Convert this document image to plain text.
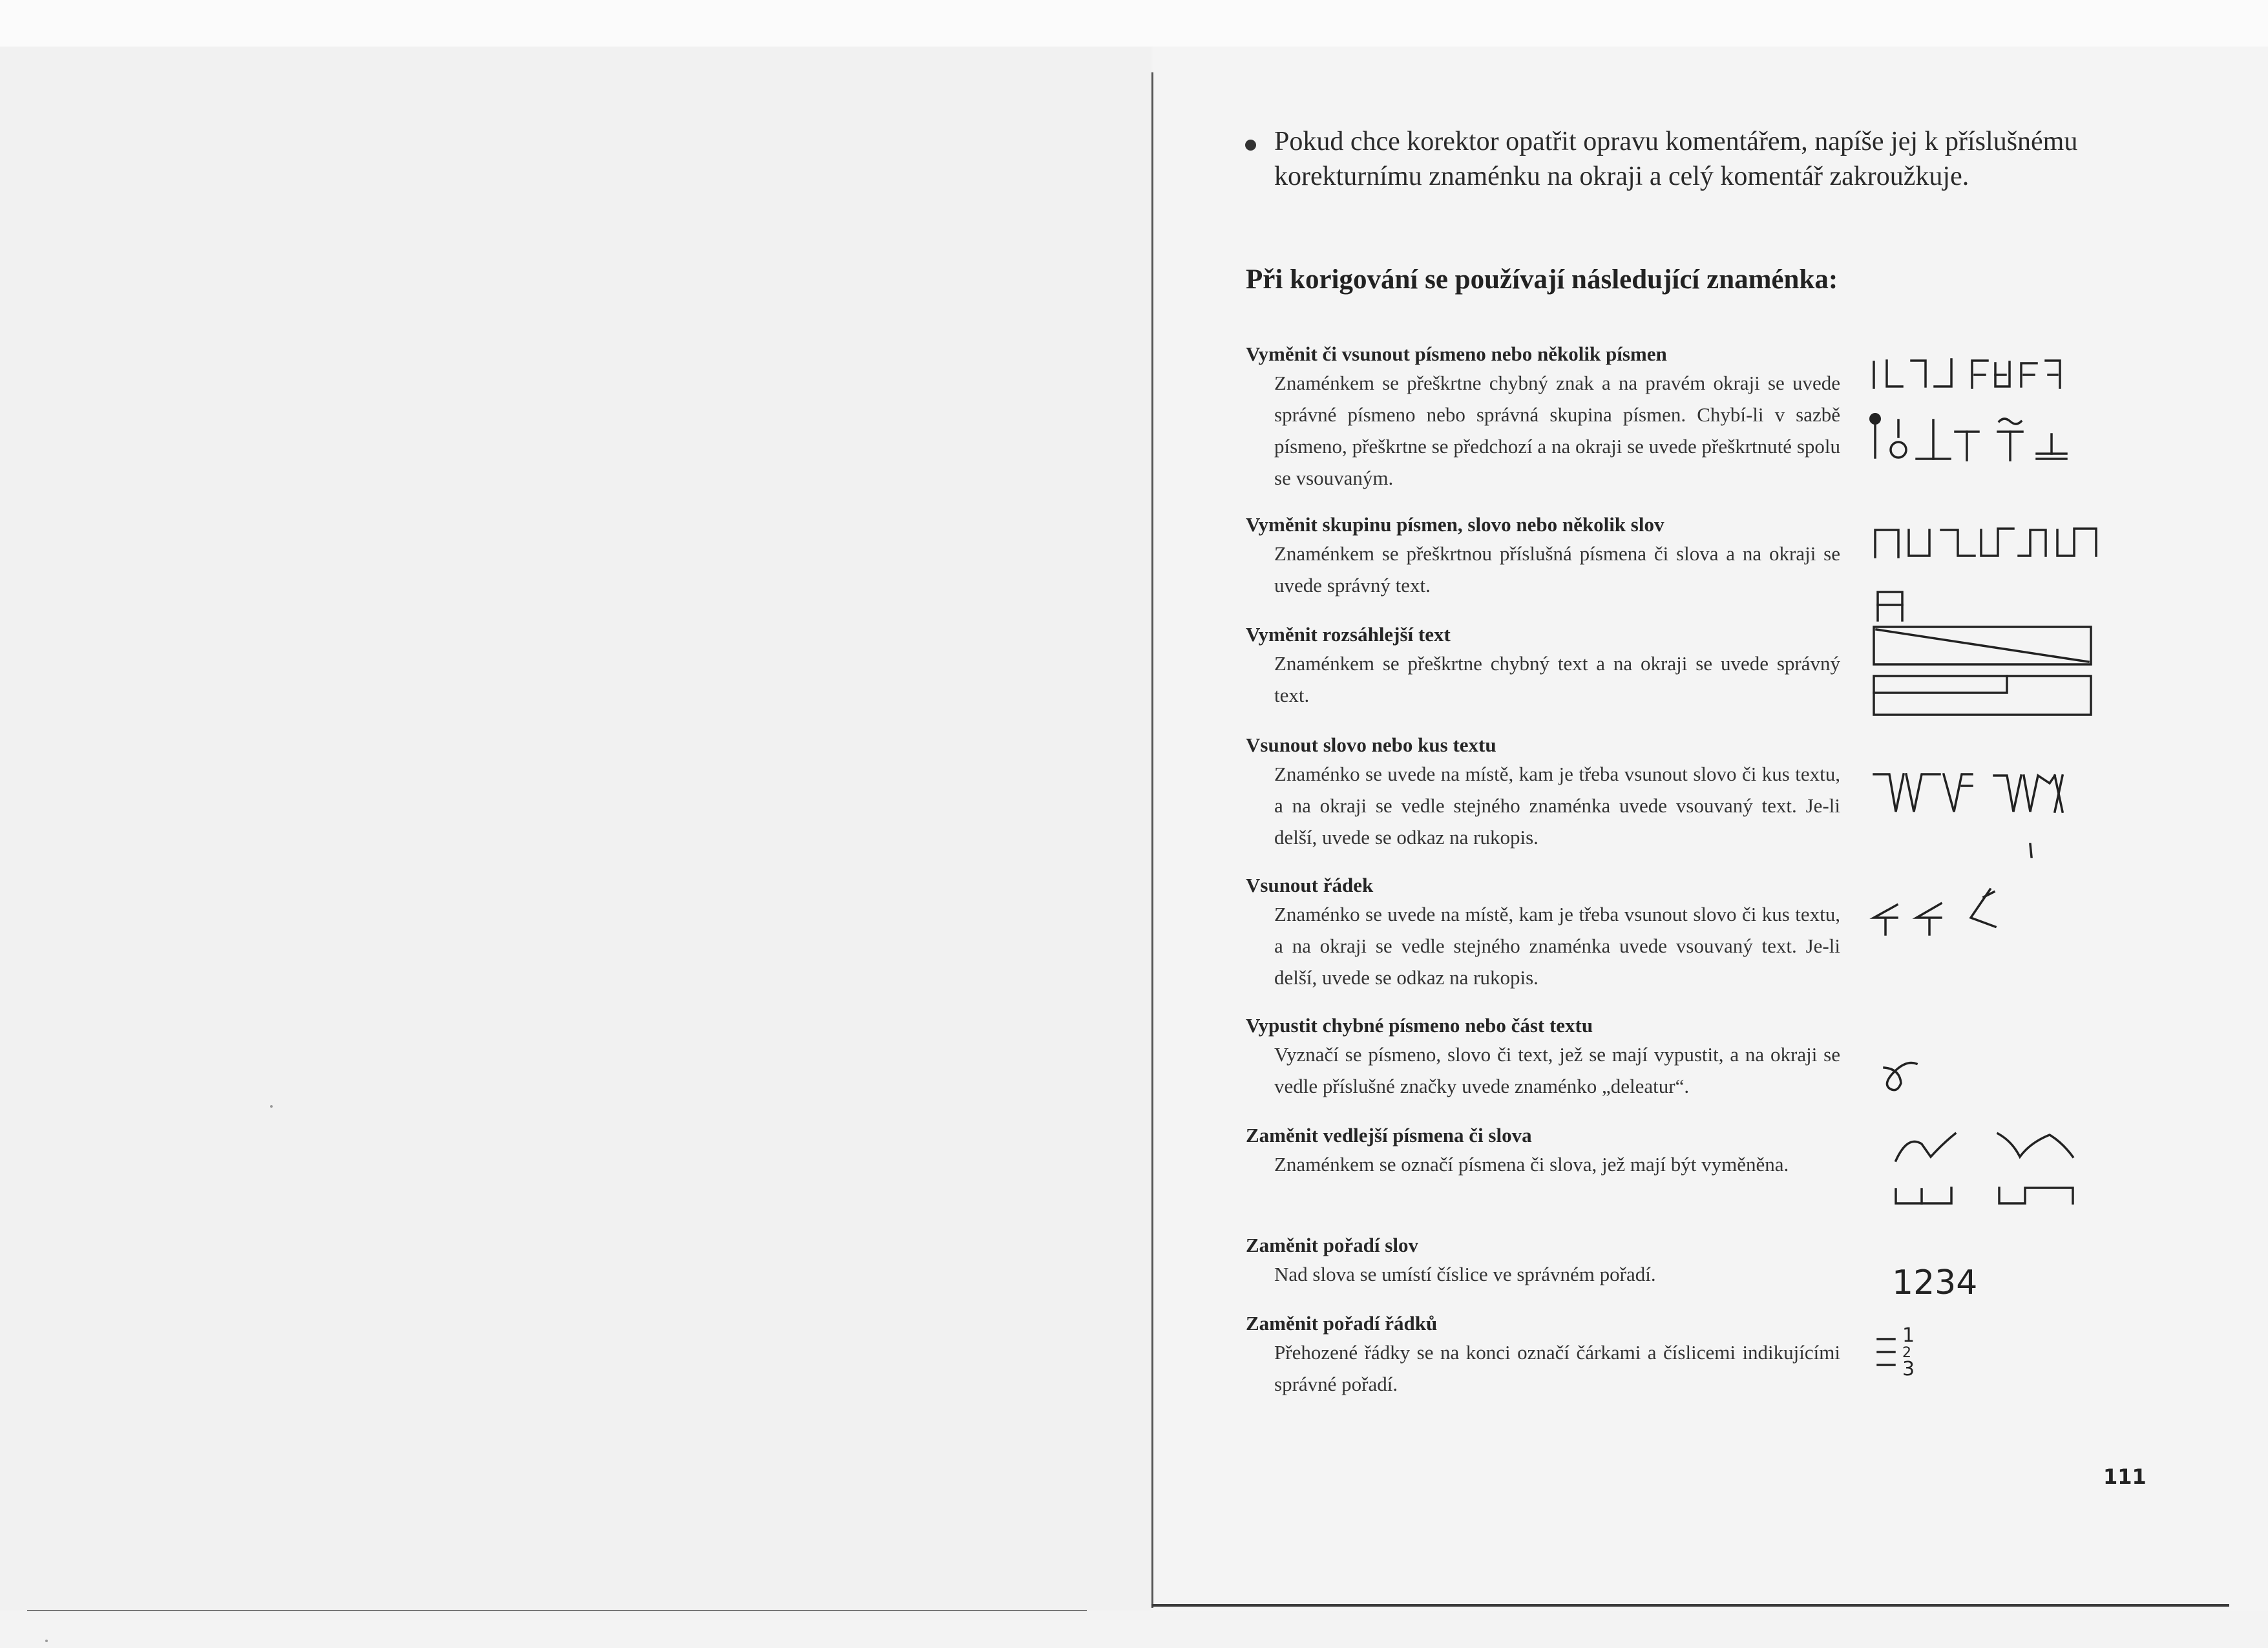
Pokud chce korektor opatřit opravu komentářem, napíše jej k příslušnému korekturnímu znaménku na okraji a celý komentář zakroužkuje.
Při korigování se používají následující znaménka:
Vyměnit či vsunout písmeno nebo několik písmen
Znaménkem se přeškrtne chybný znak a na pravém okraji se uvede správné písmeno nebo správná skupina písmen. Chybí-li v sazbě písmeno, přeškrtne se předchozí a na okraji se uvede přeškrtnuté spolu se vsouvaným.
Vyměnit skupinu písmen, slovo nebo několik slov
Znaménkem se přeškrtnou příslušná písmena či slova a na okraji se uvede správný text.
Vyměnit rozsáhlejší text
Znaménkem se přeškrtne chybný text a na okraji se uvede správný text.
Vsunout slovo nebo kus textu
Znaménko se uvede na místě, kam je třeba vsunout slovo či kus textu, a na okraji se vedle stejného znaménka uvede vsouvaný text. Je-li delší, uvede se odkaz na rukopis.
Vsunout řádek
Znaménko se uvede na místě, kam je třeba vsunout slovo či kus textu, a na okraji se vedle stejného znaménka uvede vsouvaný text. Je-li delší, uvede se odkaz na rukopis.
Vypustit chybné písmeno nebo část textu
Vyznačí se písmeno, slovo či text, jež se mají vypustit, a na okraji se vedle příslušné značky uvede znaménko „deleatur“.
Zaměnit vedlejší písmena či slova
Znaménkem se označí písmena či slova, jež mají být vyměněna.
Zaměnit pořadí slov
Nad slova se umístí číslice ve správném pořadí.
Zaměnit pořadí řádků
Přehozené řádky se na konci označí čárkami a číslicemi indikujícími správné pořadí.
1234
1
2
3
111
